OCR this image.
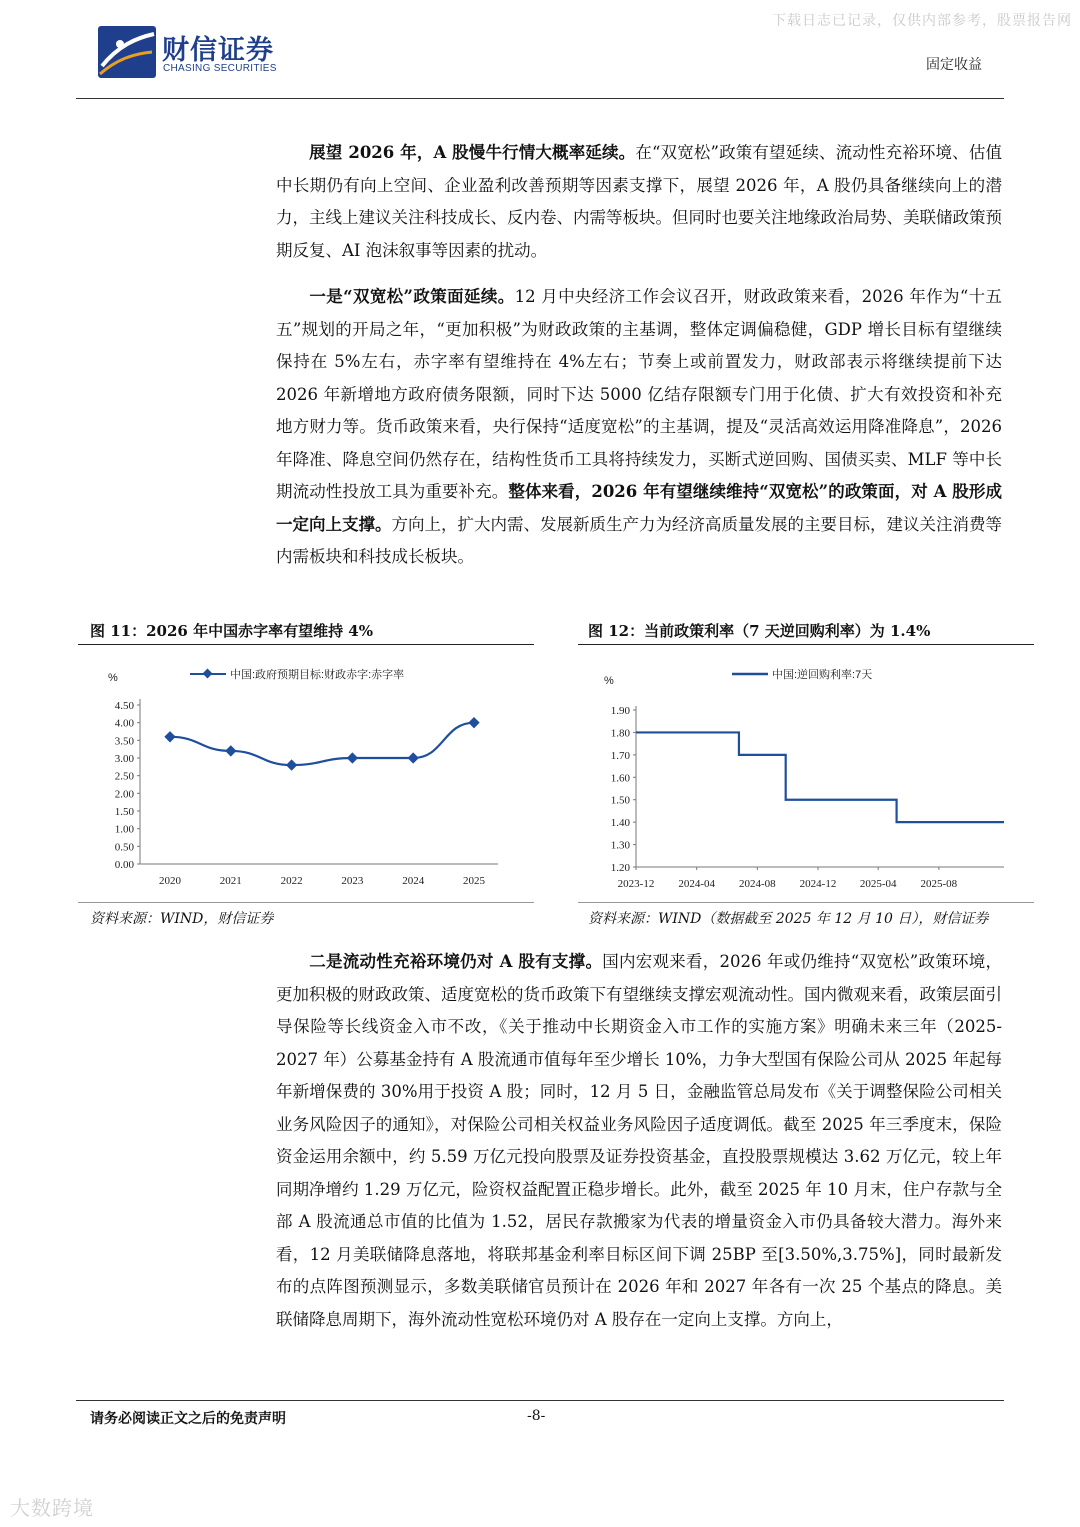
下载日志已记录，仅供内部参考，股票报告网
财信证券
CHASING SECURITIES	固定收益

展望 2026 年，A 股慢牛行情大概率延续。在“双宽松”政策有望延续、流动性充裕环境、估值中长期仍有向上空间、企业盈利改善预期等因素支撑下，展望 2026 年，A 股仍具备继续向上的潜力，主线上建议关注科技成长、反内卷、内需等板块。但同时也要关注地缘政治局势、美联储政策预期反复、AI 泡沫叙事等因素的扰动。

一是“双宽松”政策面延续。12 月中央经济工作会议召开，财政政策来看，2026 年作为“十五五”规划的开局之年，“更加积极”为财政政策的主基调，整体定调偏稳健，GDP 增长目标有望继续保持在 5%左右，赤字率有望维持在 4%左右；节奏上或前置发力，财政部表示将继续提前下达 2026 年新增地方政府债务限额，同时下达 5000 亿结存限额专门用于化债、扩大有效投资和补充地方财力等。货币政策来看，央行保持“适度宽松”的主基调，提及“灵活高效运用降准降息”，2026 年降准、降息空间仍然存在，结构性货币工具将持续发力，买断式逆回购、国债买卖、MLF 等中长期流动性投放工具为重要补充。整体来看，2026 年有望继续维持“双宽松”的政策面，对 A 股形成一定向上支撑。方向上，扩大内需、发展新质生产力为经济高质量发展的主要目标，建议关注消费等内需板块和科技成长板块。

图 11：2026 年中国赤字率有望维持 4%

%	中国:政府预期目标:财政赤字:赤字率
0.00
0.50
1.00
1.50
2.00
2.50
3.00
3.50
4.00
4.50
2020	2021	2022	2023	2024	2025

资料来源：WIND，财信证券

图 12：当前政策利率（7 天逆回购利率）为 1.4%

%	中国:逆回购利率:7天
1.20
1.30
1.40
1.50
1.60
1.70
1.80
1.90
2023-12 2024-04 2024-08 2024-12 2025-04 2025-08

资料来源：WIND（数据截至 2025 年 12 月 10 日），财信证券

二是流动性充裕环境仍对 A 股有支撑。国内宏观来看，2026 年或仍维持“双宽松”政策环境，更加积极的财政政策、适度宽松的货币政策下有望继续支撑宏观流动性。国内微观来看，政策层面引导保险等长线资金入市不改，《关于推动中长期资金入市工作的实施方案》明确未来三年（2025-2027 年）公募基金持有 A 股流通市值每年至少增长 10%，力争大型国有保险公司从 2025 年起每年新增保费的 30%用于投资 A 股；同时，12 月 5 日，金融监管总局发布《关于调整保险公司相关业务风险因子的通知》，对保险公司相关权益业务风险因子适度调低。截至 2025 年三季度末，保险资金运用余额中，约 5.59 万亿元投向股票及证券投资基金，直投股票规模达 3.62 万亿元，较上年同期净增约 1.29 万亿元，险资权益配置正稳步增长。此外，截至 2025 年 10 月末，住户存款与全部 A 股流通总市值的比值为 1.52，居民存款搬家为代表的增量资金入市仍具备较大潜力。海外来看，12 月美联储降息落地，将联邦基金利率目标区间下调 25BP 至[3.50%,3.75%]，同时最新发布的点阵图预测显示，多数美联储官员预计在 2026 年和 2027 年各有一次 25 个基点的降息。美联储降息周期下，海外流动性宽松环境仍对 A 股存在一定向上支撑。方向上，

请务必阅读正文之后的免责声明	-8-
大数跨境
